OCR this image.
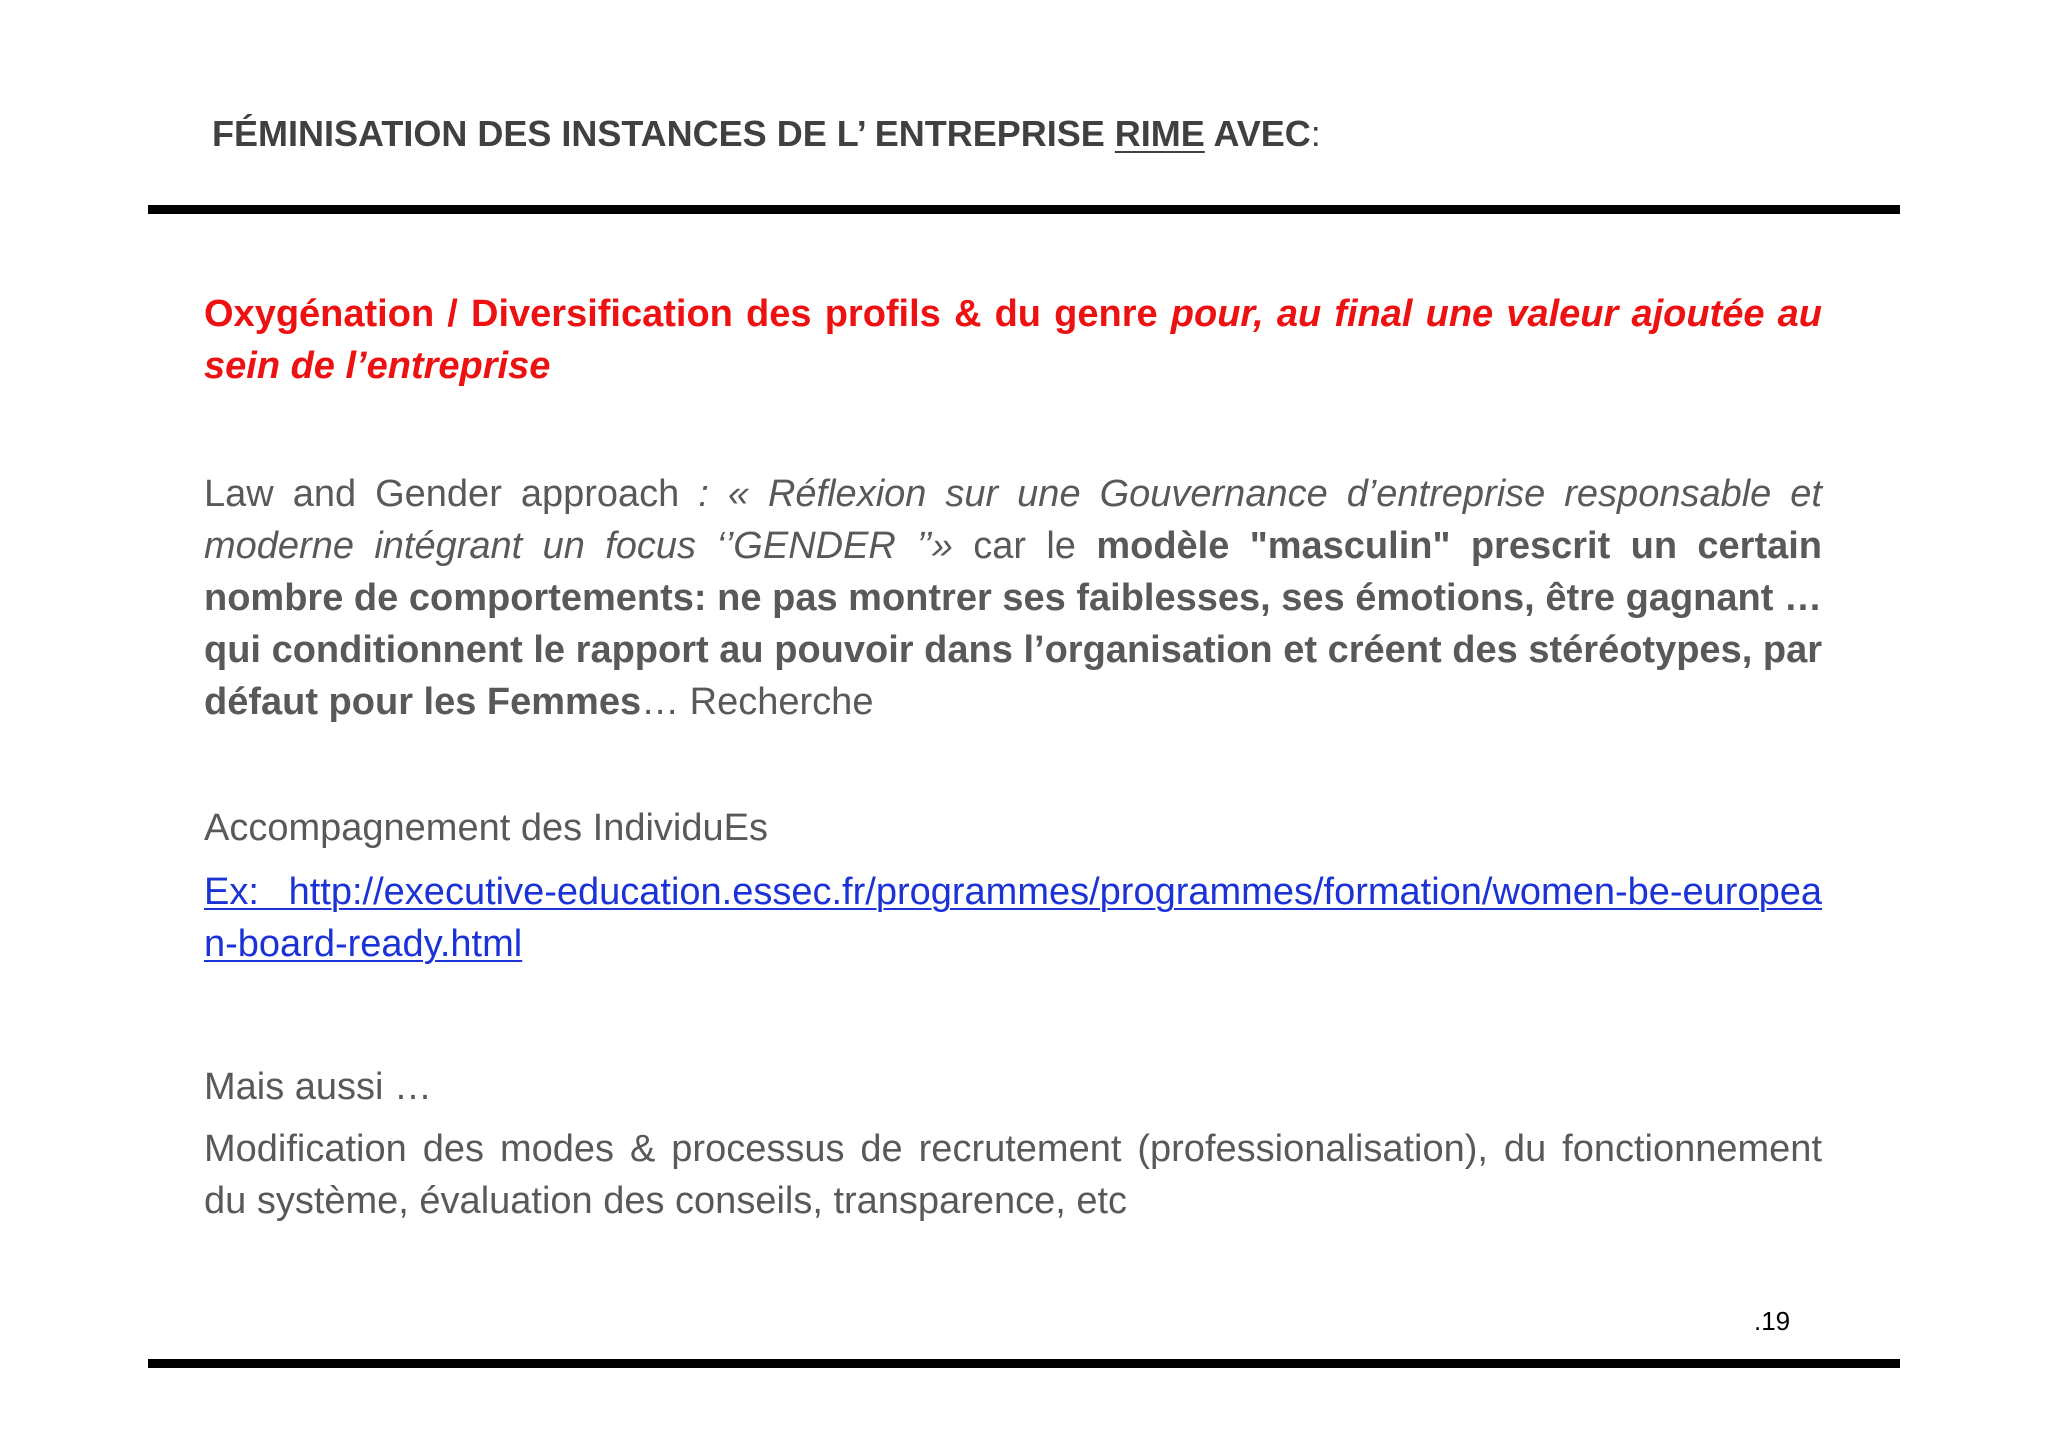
FÉMINISATION DES INSTANCES DE L’ ENTREPRISE RIME AVEC:

Oxygénation / Diversification des profils & du genre pour, au final une valeur ajoutée au sein de l’entreprise

Law and Gender approach : « Réflexion sur une Gouvernance d’entreprise responsable et moderne intégrant un focus ‘’GENDER ’’» car le modèle "masculin" prescrit un certain nombre de comportements: ne pas montrer ses faiblesses, ses émotions, être gagnant … qui conditionnent le rapport au pouvoir dans l’organisation et créent des stéréotypes, par défaut pour les Femmes… Recherche

Accompagnement des IndividuEs

Ex: http://executive-education.essec.fr/programmes/programmes/formation/women-be-european-board-ready.html

Mais aussi …

Modification des modes & processus de recrutement (professionalisation), du fonctionnement du système, évaluation des conseils, transparence, etc

.19
